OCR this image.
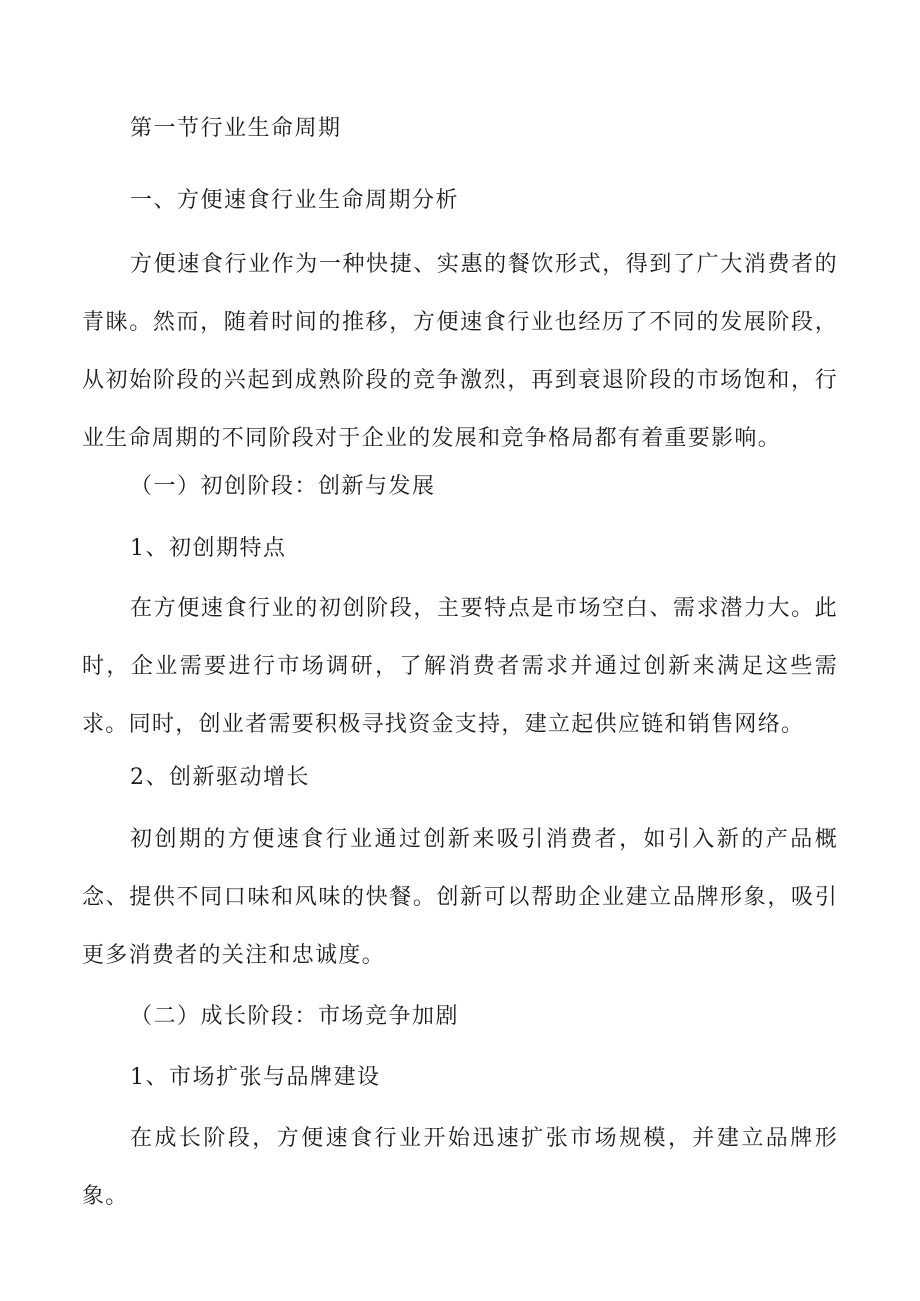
第一节行业生命周期
一、方便速食行业生命周期分析
方便速食行业作为一种快捷、实惠的餐饮形式，得到了广大消费者的青睐。然而，随着时间的推移，方便速食行业也经历了不同的发展阶段，从初始阶段的兴起到成熟阶段的竞争激烈，再到衰退阶段的市场饱和，行业生命周期的不同阶段对于企业的发展和竞争格局都有着重要影响。
（一）初创阶段：创新与发展
1、初创期特点
在方便速食行业的初创阶段，主要特点是市场空白、需求潜力大。此时，企业需要进行市场调研，了解消费者需求并通过创新来满足这些需求。同时，创业者需要积极寻找资金支持，建立起供应链和销售网络。
2、创新驱动增长
初创期的方便速食行业通过创新来吸引消费者，如引入新的产品概念、提供不同口味和风味的快餐。创新可以帮助企业建立品牌形象，吸引更多消费者的关注和忠诚度。
（二）成长阶段：市场竞争加剧
1、市场扩张与品牌建设
在成长阶段，方便速食行业开始迅速扩张市场规模，并建立品牌形象。
